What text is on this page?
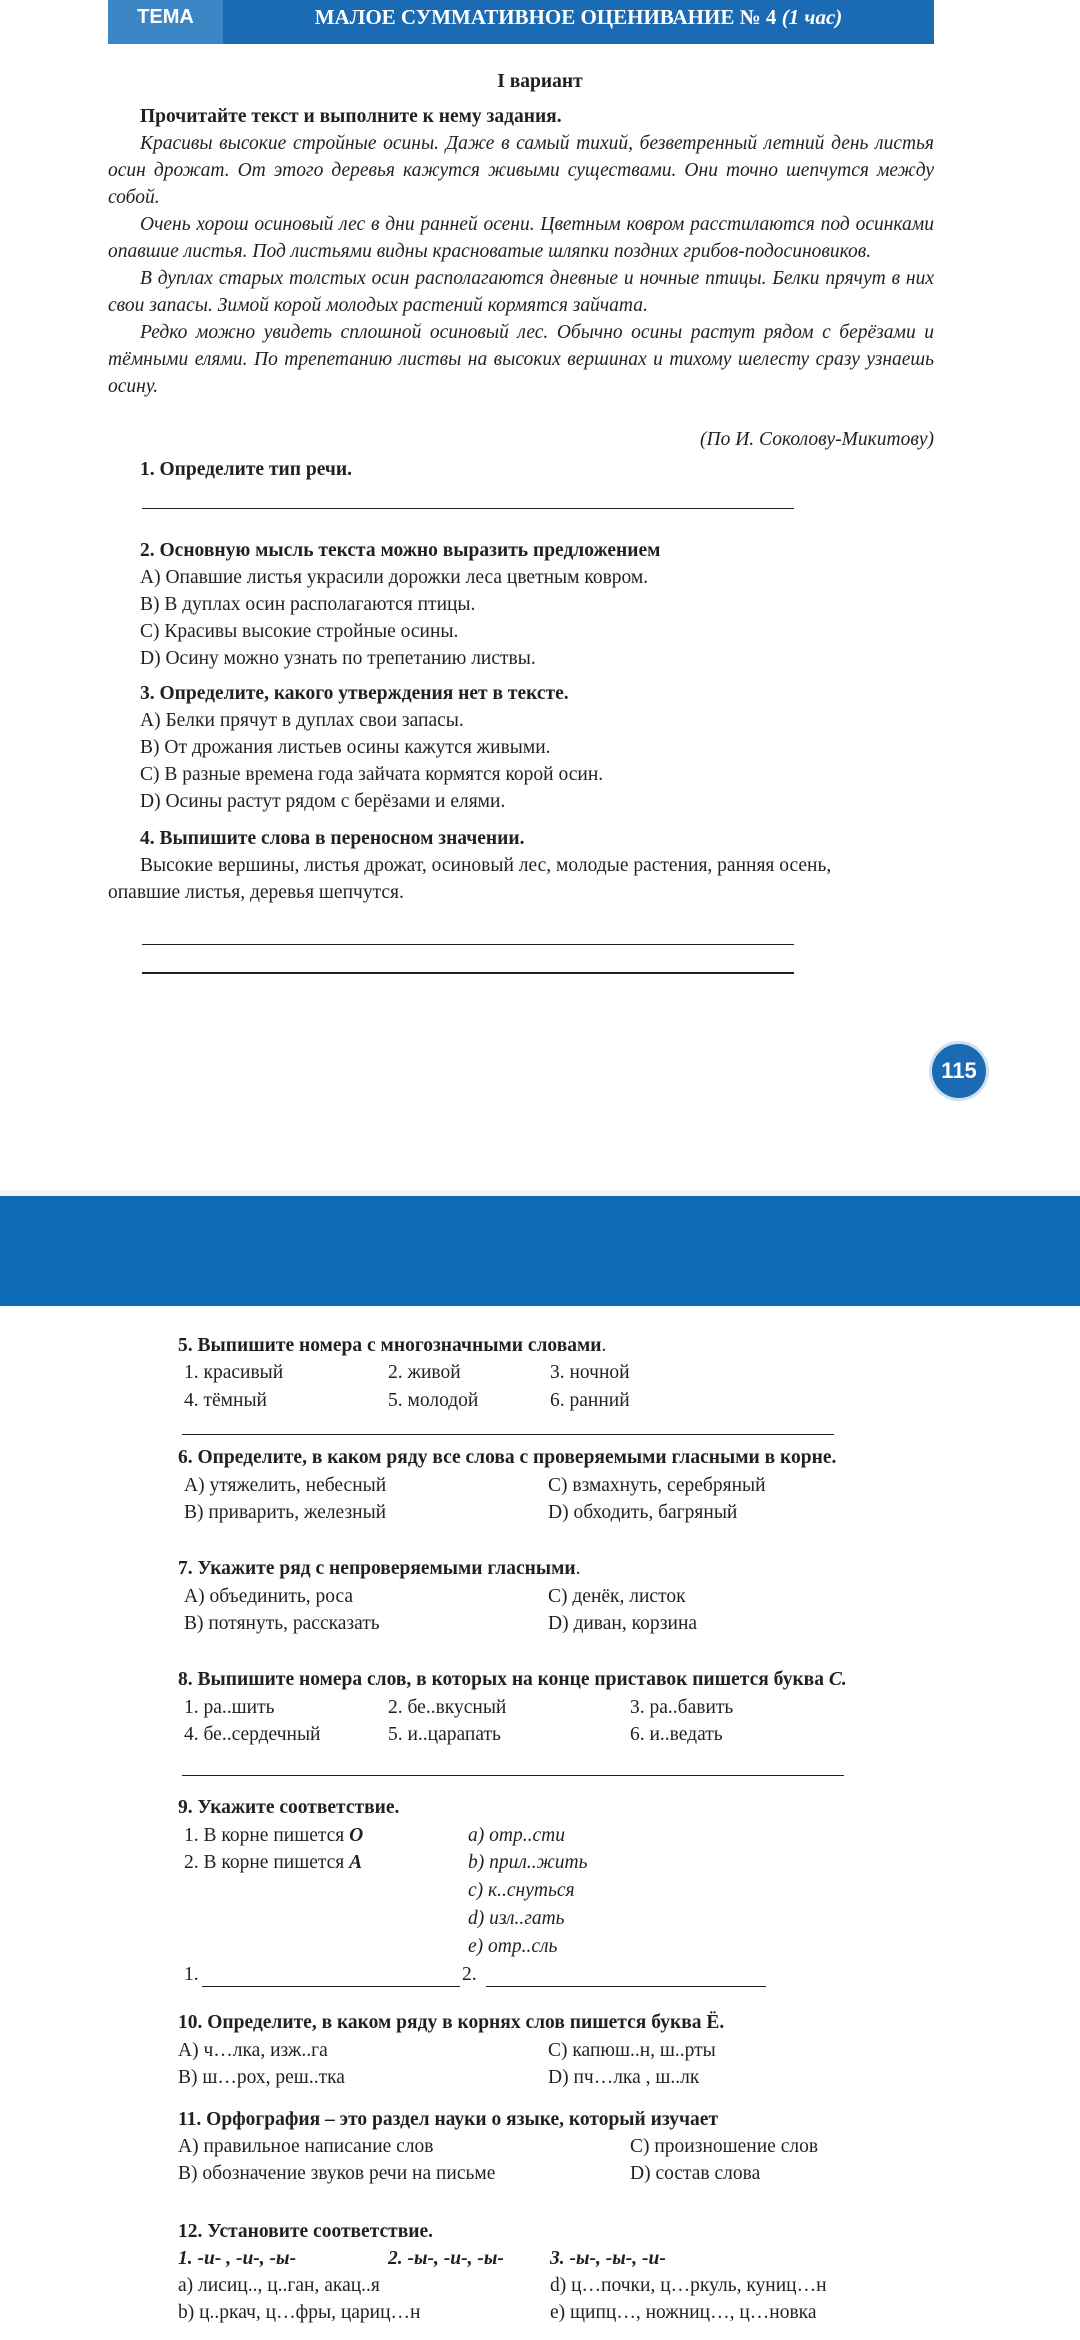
ТЕМА	МАЛОЕ СУММАТИВНОЕ ОЦЕНИВАНИЕ № 4 (1 час)
I вариант
Прочитайте текст и выполните к нему задания.
Красивы высокие стройные осины. Даже в самый тихий, безветренный летний день листья осин дрожат. От этого деревья кажутся живыми существами. Они точно шепчутся между собой.
Очень хорош осиновый лес в дни ранней осени. Цветным ковром расстилаются под осинками опавшие листья. Под листьями видны красноватые шляпки поздних грибов-подосиновиков.
В дуплах старых толстых осин располагаются дневные и ночные птицы. Белки прячут в них свои запасы. Зимой корой молодых растений кормятся зайчата.
Редко можно увидеть сплошной осиновый лес. Обычно осины растут рядом с берёзами и тёмными елями. По трепетанию листвы на высоких вершинах и тихому шелесту сразу узнаешь осину.
(По И. Соколову-Микитову)
1. Определите тип речи.
2. Основную мысль текста можно выразить предложением
A) Опавшие листья украсили дорожки леса цветным ковром.
B) В дуплах осин располагаются птицы.
C) Красивы высокие стройные осины.
D) Осину можно узнать по трепетанию листвы.
3. Определите, какого утверждения нет в тексте.
A) Белки прячут в дуплах свои запасы.
B) От дрожания листьев осины кажутся живыми.
C) В разные времена года зайчата кормятся корой осин.
D) Осины растут рядом с берёзами и елями.
4. Выпишите слова в переносном значении.
Высокие вершины, листья дрожат, осиновый лес, молодые растения, ранняя осень,
опавшие листья, деревья шепчутся.
115
5. Выпишите номера с многозначными словами.
1. красивый	2. живой	3. ночной
4. тёмный	5. молодой	6. ранний
6. Определите, в каком ряду все слова с проверяемыми гласными в корне.
A) утяжелить, небесный	C) взмахнуть, серебряный
B) приварить, железный	D) обходить, багряный
7. Укажите ряд с непроверяемыми гласными.
A) объединить, роса	C) денёк, листок
B) потянуть, рассказать	D) диван, корзина
8. Выпишите номера слов, в которых на конце приставок пишется буква С.
1. ра..шить	2. бе..вкусный	3. ра..бавить
4. бе..сердечный	5. и..царапать	6. и..ведать
9. Укажите соответствие.
1. В корне пишется О
2. В корне пишется А
a) отр..сти
b) прил..жить
c) к..снуться
d) изл..гать
e) отр..сль
1.	2.
10. Определите, в каком ряду в корнях слов пишется буква Ё.
A) ч…лка, изж..га	C) капюш..н, ш..рты
B) ш…рох, реш..тка	D) пч…лка , ш..лк
11. Орфография – это раздел науки о языке, который изучает
A) правильное написание слов	C) произношение слов
B) обозначение звуков речи на письме	D) состав слова
12. Установите соответствие.
1. -и- , -и-, -ы-	2. -ы-, -и-, -ы- 3. -ы-, -ы-, -и-
a) лисиц.., ц..ган, акац..я	d) ц…почки, ц…ркуль, куниц…н
b) ц..ркач, ц…фры, цариц…н	e) щипц…, ножниц…, ц…новка
